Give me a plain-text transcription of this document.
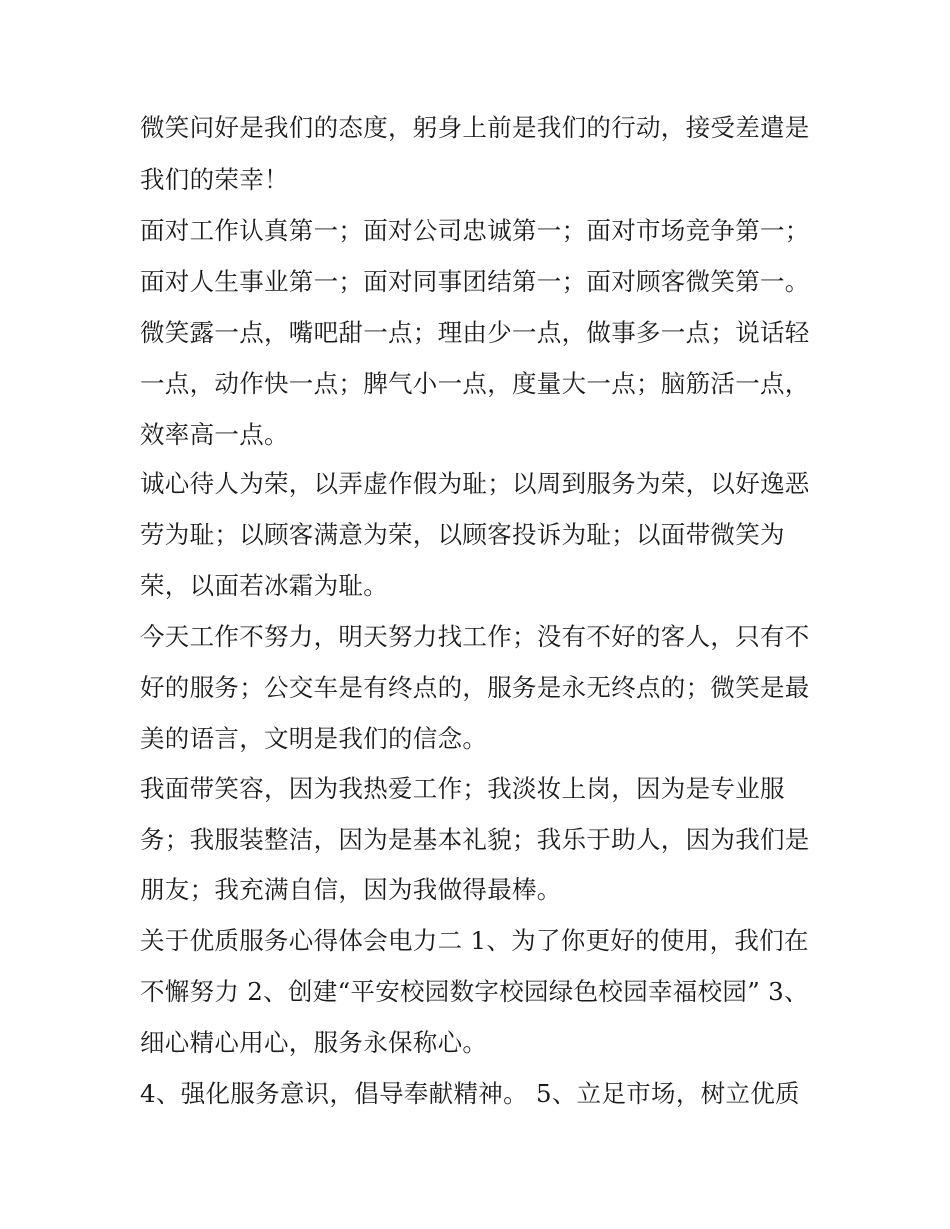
微笑问好是我们的态度，躬身上前是我们的行动，接受差遣是
我们的荣幸！
面对工作认真第一；面对公司忠诚第一；面对市场竞争第一；
面对人生事业第一；面对同事团结第一；面对顾客微笑第一。
微笑露一点，嘴吧甜一点；理由少一点，做事多一点；说话轻
一点，动作快一点；脾气小一点，度量大一点；脑筋活一点，
效率高一点。
诚心待人为荣，以弄虚作假为耻；以周到服务为荣，以好逸恶
劳为耻；以顾客满意为荣，以顾客投诉为耻；以面带微笑为
荣，以面若冰霜为耻。
今天工作不努力，明天努力找工作；没有不好的客人，只有不
好的服务；公交车是有终点的，服务是永无终点的；微笑是最
美的语言，文明是我们的信念。
我面带笑容，因为我热爱工作；我淡妆上岗，因为是专业服
务；我服装整洁，因为是基本礼貌；我乐于助人，因为我们是
朋友；我充满自信，因为我做得最棒。
关于优质服务心得体会电力二 1、为了你更好的使用，我们在
不懈努力 2、创建“平安校园数字校园绿色校园幸福校园” 3、
细心精心用心，服务永保称心。
4、强化服务意识，倡导奉献精神。 5、立足市场，树立优质
